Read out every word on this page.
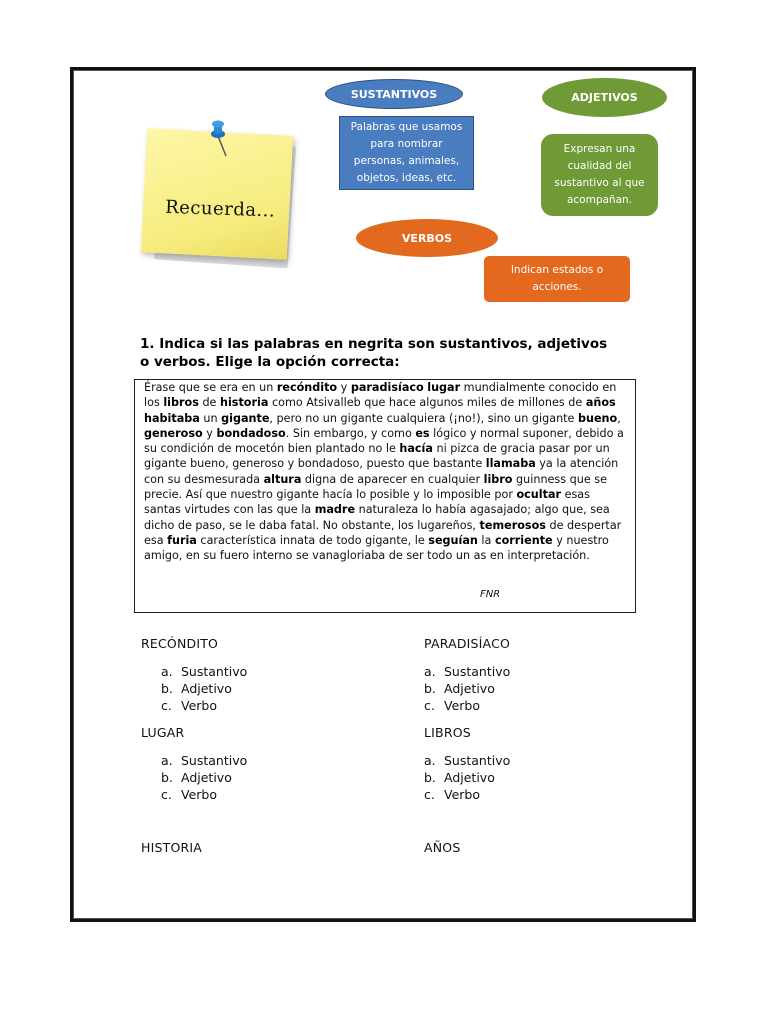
Recuerda...
SUSTANTIVOS
Palabras que usamos para nombrar personas, animales, objetos, ideas, etc.
ADJETIVOS
Expresan una cualidad del sustantivo al que acompañan.
VERBOS
Indican estados o acciones.
1. Indica si las palabras en negrita son sustantivos, adjetivos o verbos. Elige la opción correcta:

Érase que se era en un recóndito y paradisíaco lugar mundialmente conocido en los libros de historia como Atsivalleb que hace algunos miles de millones de años habitaba un gigante, pero no un gigante cualquiera (¡no!), sino un gigante bueno, generoso y bondadoso. Sin embargo, y como es lógico y normal suponer, debido a su condición de mocetón bien plantado no le hacía ni pizca de gracia pasar por un gigante bueno, generoso y bondadoso, puesto que bastante llamaba ya la atención con su desmesurada altura digna de aparecer en cualquier libro guinness que se precie. Así que nuestro gigante hacía lo posible y lo imposible por ocultar esas santas virtudes con las que la madre naturaleza lo había agasajado; algo que, sea dicho de paso, se le daba fatal. No obstante, los lugareños, temerosos de despertar esa furia característica innata de todo gigante, le seguían la corriente y nuestro amigo, en su fuero interno se vanagloriaba de ser todo un as en interpretación.

FNR
RECÓNDITO
a. Sustantivo
b. Adjetivo
c. Verbo
PARADISÍACO
a. Sustantivo
b. Adjetivo
c. Verbo
LUGAR
a. Sustantivo
b. Adjetivo
c. Verbo
LIBROS
a. Sustantivo
b. Adjetivo
c. Verbo
HISTORIA	AÑOS
